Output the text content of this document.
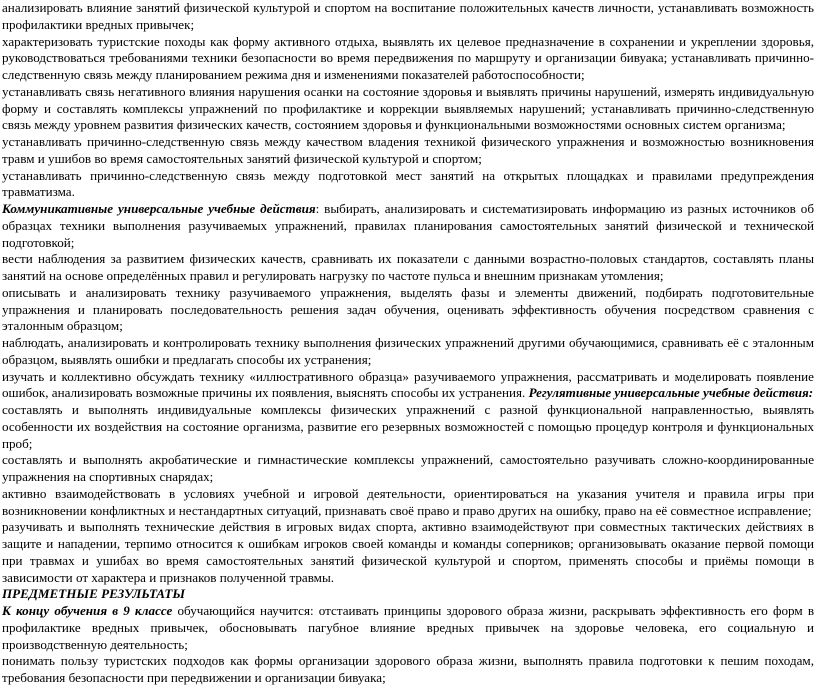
анализировать влияние занятий физической культурой и спортом на воспитание положительных качеств личности, устанавливать возможность профилактики вредных привычек;

характеризовать туристские походы как форму активного отдыха, выявлять их целевое предназначение в сохранении и укреплении здоровья, руководствоваться требованиями техники безопасности во время передвижения по маршруту и организации бивуака; устанавливать причинно-следственную связь между планированием режима дня и изменениями показателей работоспособности;

устанавливать связь негативного влияния нарушения осанки на состояние здоровья и выявлять причины нарушений, измерять индивидуальную форму и составлять комплексы упражнений по профилактике и коррекции выявляемых нарушений; устанавливать причинно-следственную связь между уровнем развития физических качеств, состоянием здоровья и функциональными возможностями основных систем организма;

устанавливать причинно-следственную связь между качеством владения техникой физического упражнения и возможностью возникновения травм и ушибов во время самостоятельных занятий физической культурой и спортом;

устанавливать причинно-следственную связь между подготовкой мест занятий на открытых площадках и правилами предупреждения травматизма.

Коммуникативные универсальные учебные действия: выбирать, анализировать и систематизировать информацию из разных источников об образцах техники выполнения разучиваемых упражнений, правилах планирования самостоятельных занятий физической и технической подготовкой;

вести наблюдения за развитием физических качеств, сравнивать их показатели с данными возрастно-половых стандартов, составлять планы занятий на основе определённых правил и регулировать нагрузку по частоте пульса и внешним признакам утомления;

описывать и анализировать технику разучиваемого упражнения, выделять фазы и элементы движений, подбирать подготовительные упражнения и планировать последовательность решения задач обучения, оценивать эффективность обучения посредством сравнения с эталонным образцом;

наблюдать, анализировать и контролировать технику выполнения физических упражнений другими обучающимися, сравнивать её с эталонным образцом, выявлять ошибки и предлагать способы их устранения;

изучать и коллективно обсуждать технику «иллюстративного образца» разучиваемого упражнения, рассматривать и моделировать появление ошибок, анализировать возможные причины их появления, выяснять способы их устранения. Регулятивные универсальные учебные действия:

составлять и выполнять индивидуальные комплексы физических упражнений с разной функциональной направленностью, выявлять особенности их воздействия на состояние организма, развитие его резервных возможностей с помощью процедур контроля и функциональных проб;

составлять и выполнять акробатические и гимнастические комплексы упражнений, самостоятельно разучивать сложно-координированные упражнения на спортивных снарядах;

активно взаимодействовать в условиях учебной и игровой деятельности, ориентироваться на указания учителя и правила игры при возникновении конфликтных и нестандартных ситуаций, признавать своё право и право других на ошибку, право на её совместное исправление;

разучивать и выполнять технические действия в игровых видах спорта, активно взаимодействуют при совместных тактических действиях в защите и нападении, терпимо относится к ошибкам игроков своей команды и команды соперников; организовывать оказание первой помощи при травмах и ушибах во время самостоятельных занятий физической культурой и спортом, применять способы и приёмы помощи в зависимости от характера и признаков полученной травмы.

ПРЕДМЕТНЫЕ РЕЗУЛЬТАТЫ

К концу обучения в 9 классе обучающийся научится: отстаивать принципы здорового образа жизни, раскрывать эффективность его форм в профилактике вредных привычек, обосновывать пагубное влияние вредных привычек на здоровье человека, его социальную и производственную деятельность;

понимать пользу туристских подходов как формы организации здорового образа жизни, выполнять правила подготовки к пешим походам, требования безопасности при передвижении и организации бивуака;
